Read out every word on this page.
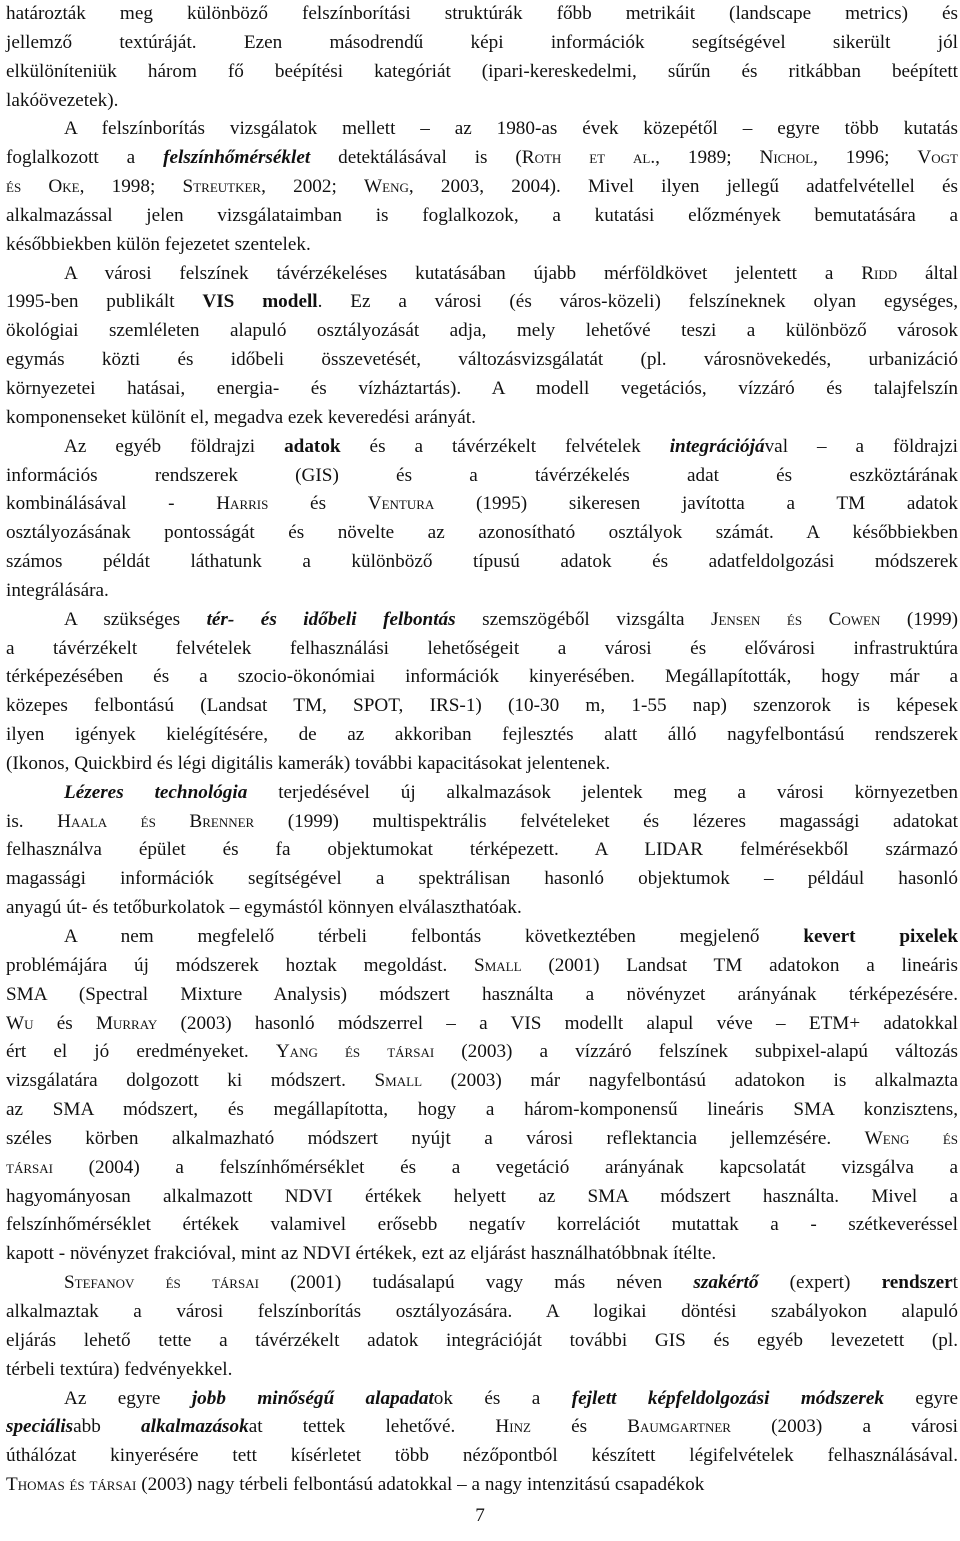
határozták meg különböző felszínborítási struktúrák főbb metrikáit (landscape metrics) és
jellemző textúráját. Ezen másodrendű képi információk segítségével sikerült jól
elkülöníteniük három fő beépítési kategóriát (ipari-kereskedelmi, sűrűn és ritkábban beépített
lakóövezetek).

A felszínborítás vizsgálatok mellett – az 1980-as évek közepétől – egyre több kutatás
foglalkozott a felszínhőmérséklet detektálásával is (Roth et al., 1989; Nichol, 1996; Vogt
és Oke, 1998; Streutker, 2002; Weng, 2003, 2004). Mivel ilyen jellegű adatfelvétellel és
alkalmazással jelen vizsgálataimban is foglalkozok, a kutatási előzmények bemutatására a
későbbiekben külön fejezetet szentelek.

A városi felszínek távérzékeléses kutatásában újabb mérföldkövet jelentett a Ridd által
1995-ben publikált VIS modell. Ez a városi (és város-közeli) felszíneknek olyan egységes,
ökológiai szemléleten alapuló osztályozását adja, mely lehetővé teszi a különböző városok
egymás közti és időbeli összevetését, változásvizsgálatát (pl. városnövekedés, urbanizáció
környezetei hatásai, energia- és vízháztartás). A modell vegetációs, vízzáró és talajfelszín
komponenseket különít el, megadva ezek keveredési arányát.

Az egyéb földrajzi adatok és a távérzékelt felvételek integrációjával – a földrajzi
információs rendszerek (GIS) és a távérzékelés adat és eszköztárának
kombinálásával - Harris és Ventura (1995) sikeresen javította a TM adatok
osztályozásának pontosságát és növelte az azonosítható osztályok számát. A későbbiekben
számos példát láthatunk a különböző típusú adatok és adatfeldolgozási módszerek
integrálására.

A szükséges tér- és időbeli felbontás szemszögéből vizsgálta Jensen és Cowen (1999)
a távérzékelt felvételek felhasználási lehetőségeit a városi és elővárosi infrastruktúra
térképezésében és a szocio-ökonómiai információk kinyerésében. Megállapították, hogy már a
közepes felbontású (Landsat TM, SPOT, IRS-1) (10-30 m, 1-55 nap) szenzorok is képesek
ilyen igények kielégítésére, de az akkoriban fejlesztés alatt álló nagyfelbontású rendszerek
(Ikonos, Quickbird és légi digitális kamerák) további kapacitásokat jelentenek.

Lézeres technológia terjedésével új alkalmazások jelentek meg a városi környezetben
is. Haala és Brenner (1999) multispektrális felvételeket és lézeres magassági adatokat
felhasználva épület és fa objektumokat térképezett. A LIDAR felmérésekből származó
magassági információk segítségével a spektrálisan hasonló objektumok – például hasonló
anyagú út- és tetőburkolatok – egymástól könnyen elválaszthatóak.

A nem megfelelő térbeli felbontás következtében megjelenő kevert pixelek
problémájára új módszerek hoztak megoldást. Small (2001) Landsat TM adatokon a lineáris
SMA (Spectral Mixture Analysis) módszert használta a növényzet arányának térképezésére.
Wu és Murray (2003) hasonló módszerrel – a VIS modellt alapul véve – ETM+ adatokkal
ért el jó eredményeket. Yang és társai (2003) a vízzáró felszínek subpixel-alapú változás
vizsgálatára dolgozott ki módszert. Small (2003) már nagyfelbontású adatokon is alkalmazta
az SMA módszert, és megállapította, hogy a három-komponensű lineáris SMA konzisztens,
széles körben alkalmazható módszert nyújt a városi reflektancia jellemzésére. Weng és
társai (2004) a felszínhőmérséklet és a vegetáció arányának kapcsolatát vizsgálva a
hagyományosan alkalmazott NDVI értékek helyett az SMA módszert használta. Mivel a
felszínhőmérséklet értékek valamivel erősebb negatív korrelációt mutattak a - szétkeveréssel
kapott - növényzet frakcióval, mint az NDVI értékek, ezt az eljárást használhatóbbnak ítélte.

Stefanov és társai (2001) tudásalapú vagy más néven szakértő (expert) rendszert
alkalmaztak a városi felszínborítás osztályozására. A logikai döntési szabályokon alapuló
eljárás lehető tette a távérzékelt adatok integrációját további GIS és egyéb levezetett (pl.
térbeli textúra) fedvényekkel.

Az egyre jobb minőségű alapadatok és a fejlett képfeldolgozási módszerek egyre
speciálisabb alkalmazásokat tettek lehetővé. Hinz és Baumgartner (2003) a városi
úthálózat kinyerésére tett kísérletet több nézőpontból készített légifelvételek felhasználásával.
Thomas és társai (2003) nagy térbeli felbontású adatokkal – a nagy intenzitású csapadékok

7
